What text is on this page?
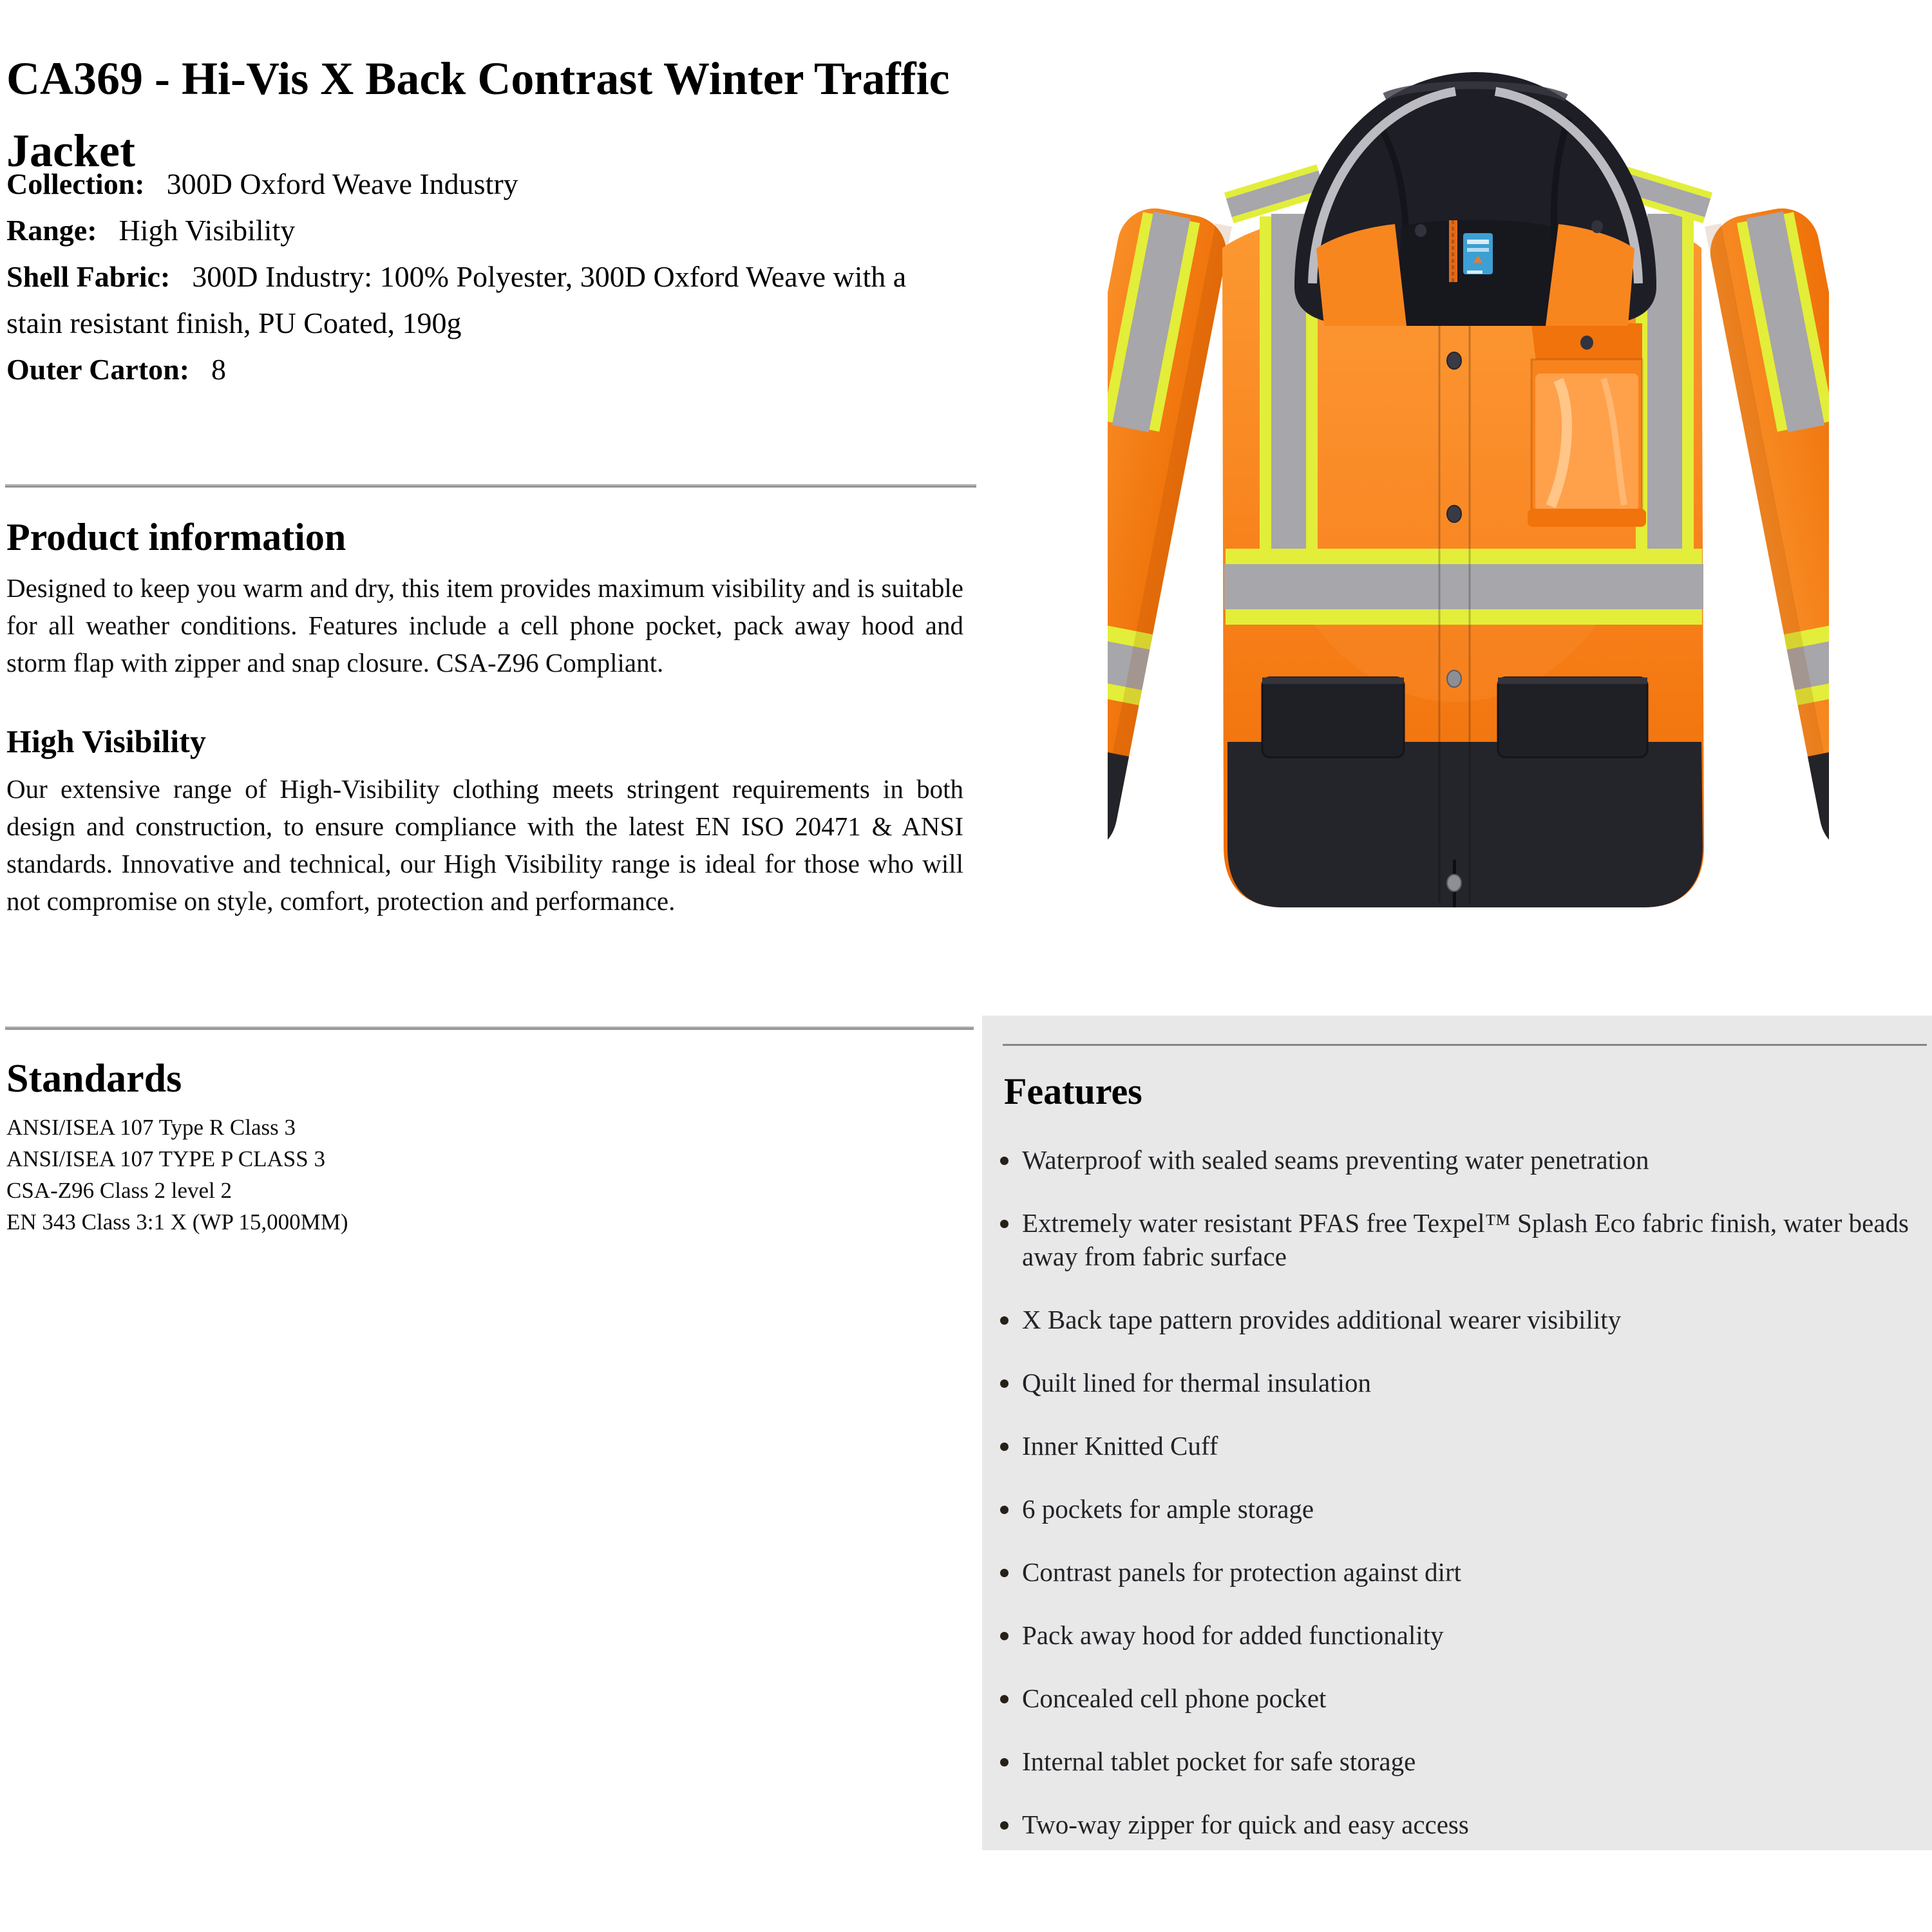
CA369 - Hi-Vis X Back Contrast Winter Traffic Jacket
Collection: 300D Oxford Weave Industry
Range: High Visibility
Shell Fabric: 300D Industry: 100% Polyester, 300D Oxford Weave with a stain resistant finish, PU Coated, 190g
Outer Carton: 8
Product information

Designed to keep you warm and dry, this item provides maximum visibility and is suitable for all weather conditions. Features include a cell phone pocket, pack away hood and storm flap with zipper and snap closure. CSA-Z96 Compliant.

High Visibility

Our extensive range of High-Visibility clothing meets stringent requirements in both design and construction, to ensure compliance with the latest EN ISO 20471 & ANSI standards. Innovative and technical, our High Visibility range is ideal for those who will not compromise on style, comfort, protection and performance.

Standards
ANSI/ISEA 107 Type R Class 3
ANSI/ISEA 107 TYPE P CLASS 3
CSA-Z96 Class 2 level 2
EN 343 Class 3:1 X (WP 15,000MM)
Features
Waterproof with sealed seams preventing water penetration
Extremely water resistant PFAS free Texpel™ Splash Eco fabric finish, water beads away from fabric surface
X Back tape pattern provides additional wearer visibility
Quilt lined for thermal insulation
Inner Knitted Cuff
6 pockets for ample storage
Contrast panels for protection against dirt
Pack away hood for added functionality
Concealed cell phone pocket
Internal tablet pocket for safe storage
Two-way zipper for quick and easy access
